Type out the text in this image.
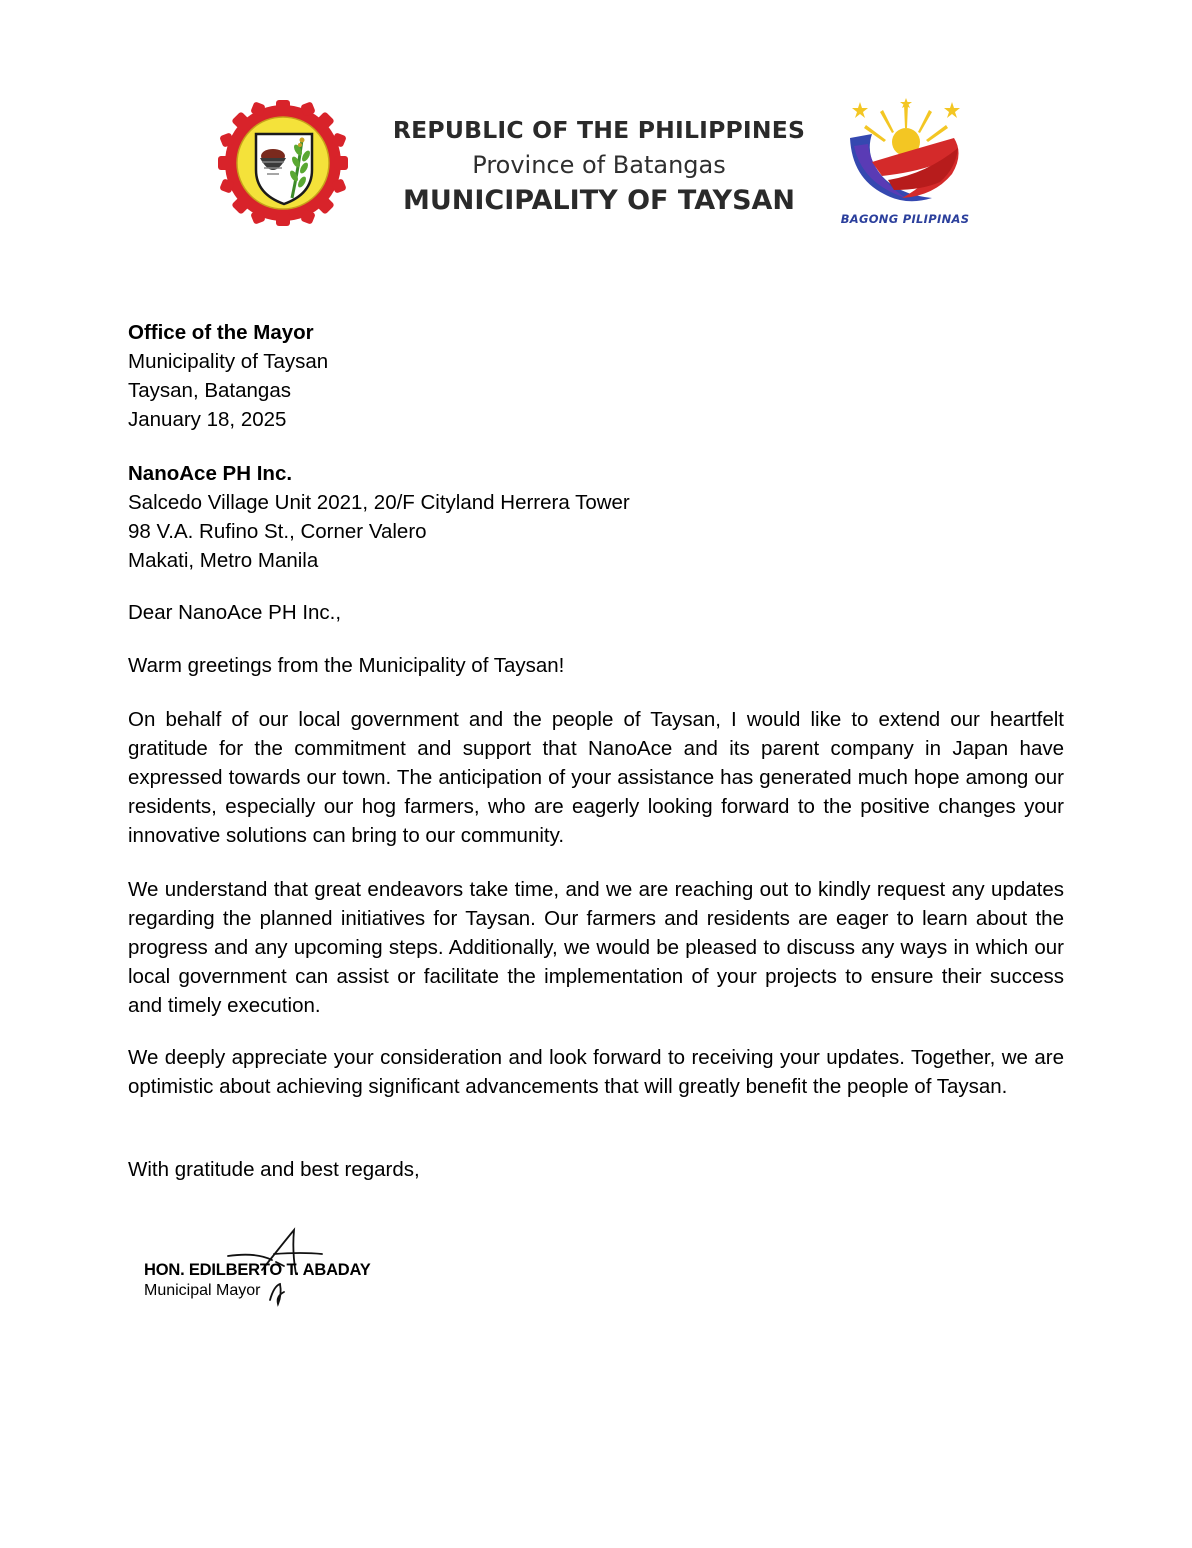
REPUBLIC OF THE PHILIPPINES
Province of Batangas
MUNICIPALITY OF TAYSAN
BAGONG PILIPINAS
Office of the Mayor
Municipality of Taysan
Taysan, Batangas
January 18, 2025
NanoAce PH Inc.
Salcedo Village Unit 2021, 20/F Cityland Herrera Tower
98 V.A. Rufino St., Corner Valero
Makati, Metro Manila
Dear NanoAce PH Inc.,
Warm greetings from the Municipality of Taysan!
On behalf of our local government and the people of Taysan, I would like to extend our heartfelt gratitude for the commitment and support that NanoAce and its parent company in Japan have expressed towards our town. The anticipation of your assistance has generated much hope among our residents, especially our hog farmers, who are eagerly looking forward to the positive changes your innovative solutions can bring to our community.
We understand that great endeavors take time, and we are reaching out to kindly request any updates regarding the planned initiatives for Taysan. Our farmers and residents are eager to learn about the progress and any upcoming steps. Additionally, we would be pleased to discuss any ways in which our local government can assist or facilitate the implementation of your projects to ensure their success and timely execution.
We deeply appreciate your consideration and look forward to receiving your updates. Together, we are optimistic about achieving significant advancements that will greatly benefit the people of Taysan.
With gratitude and best regards,
HON. EDILBERTO T. ABADAY
Municipal Mayor
